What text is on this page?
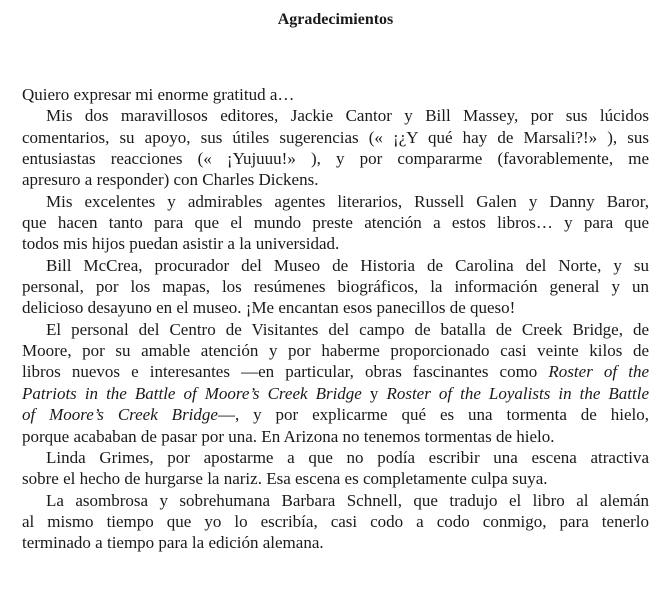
Agradecimientos
Quiero expresar mi enorme gratitud a…
Mis dos maravillosos editores, Jackie Cantor y Bill Massey, por sus lúcidos
comentarios, su apoyo, sus útiles sugerencias (« ¡¿Y qué hay de Marsali?!» ), sus
entusiastas reacciones (« ¡Yujuuu!» ), y por compararme (favorablemente, me
apresuro a responder) con Charles Dickens.
Mis excelentes y admirables agentes literarios, Russell Galen y Danny Baror,
que hacen tanto para que el mundo preste atención a estos libros… y para que
todos mis hijos puedan asistir a la universidad.
Bill McCrea, procurador del Museo de Historia de Carolina del Norte, y su
personal, por los mapas, los resúmenes biográficos, la información general y un
delicioso desayuno en el museo. ¡Me encantan esos panecillos de queso!
El personal del Centro de Visitantes del campo de batalla de Creek Bridge, de
Moore, por su amable atención y por haberme proporcionado casi veinte kilos de
libros nuevos e interesantes —en particular, obras fascinantes como Roster of the
Patriots in the Battle of Moore’s Creek Bridge y Roster of the Loyalists in the Battle
of Moore’s Creek Bridge—, y por explicarme qué es una tormenta de hielo,
porque acababan de pasar por una. En Arizona no tenemos tormentas de hielo.
Linda Grimes, por apostarme a que no podía escribir una escena atractiva
sobre el hecho de hurgarse la nariz. Esa escena es completamente culpa suya.
La asombrosa y sobrehumana Barbara Schnell, que tradujo el libro al alemán
al mismo tiempo que yo lo escribía, casi codo a codo conmigo, para tenerlo
terminado a tiempo para la edición alemana.
